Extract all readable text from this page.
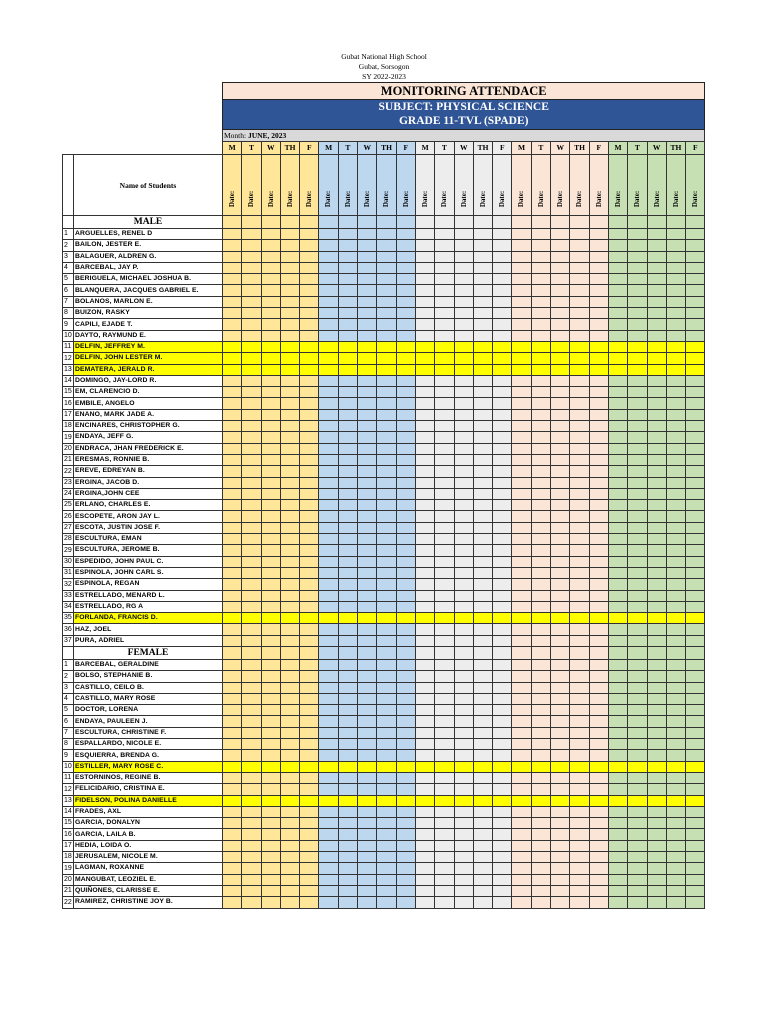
Gubat National High School
Gubat, Sorsogon
SY 2022-2023
		MONITORING ATTENDACE																								
		SUBJECT: PHYSICAL SCIENCE																								
		GRADE 11-TVL (SPADE)																								
		Month: JUNE, 2023																								
		M	T	W	TH	F	M	T	W	TH	F	M	T	W	TH	F	M	T	W	TH	F	M	T	W	TH	F
	Name of Students	Date:	Date:	Date:	Date:	Date:	Date:	Date:	Date:	Date:	Date:	Date:	Date:	Date:	Date:	Date:	Date:	Date:	Date:	Date:	Date:	Date:	Date:	Date:	Date:	Date:
	MALE																									
1	ARGUELLES, RENEL D																									
2	BAILON, JESTER E.																									
3	BALAGUER, ALDREN G.																									
4	BARCEBAL, JAY P.																									
5	BERIGUELA, MICHAEL JOSHUA B.																									
6	BLANQUERA, JACQUES GABRIEL E.																									
7	BOLANOS, MARLON E.																									
8	BUIZON, RASKY																									
9	CAPILI, EJADE T.																									
10	DAYTO, RAYMUND E.																									
11	DELFIN, JEFFREY M.																									
12	DELFIN, JOHN LESTER M.																									
13	DEMATERA, JERALD R.																									
14	DOMINGO, JAY-LORD R.																									
15	EM, CLARENCIO D.																									
16	EMBILE, ANGELO																									
17	ENANO, MARK JADE A.																									
18	ENCINARES, CHRISTOPHER G.																									
19	ENDAYA, JEFF G.																									
20	ENDRACA, JHAN FREDERICK E.																									
21	ERESMAS, RONNIE B.																									
22	EREVE, EDREYAN B.																									
23	ERGINA, JACOB D.																									
24	ERGINA,JOHN CEE																									
25	ERLANO, CHARLES E.																									
26	ESCOPETE, ARON JAY L.																									
27	ESCOTA, JUSTIN JOSE F.																									
28	ESCULTURA, EMAN																									
29	ESCULTURA, JEROME B.																									
30	ESPEDIDO, JOHN PAUL C.																									
31	ESPINOLA, JOHN CARL S.																									
32	ESPINOLA, REGAN																									
33	ESTRELLADO, MENARD L.																									
34	ESTRELLADO, RG A																									
35	FORLANDA, FRANCIS D.																									
36	HAZ, JOEL																									
37	PURA, ADRIEL																									
	FEMALE																									
1	BARCEBAL, GERALDINE																									
2	BOLSO, STEPHANIE B.																									
3	CASTILLO, CEILO B.																									
4	CASTILLO, MARY ROSE																									
5	DOCTOR, LORENA																									
6	ENDAYA, PAULEEN J.																									
7	ESCULTURA, CHRISTINE F.																									
8	ESPALLARDO, NICOLE E.																									
9	ESQUIERRA, BRENDA G.																									
10	ESTILLER, MARY ROSE C.																									
11	ESTORNINOS, REGINE B.																									
12	FELICIDARIO, CRISTINA E.																									
13	FIDELSON, POLINA DANIELLE																									
14	FRADES, AXL																									
15	GARCIA, DONALYN																									
16	GARCIA, LAILA B.																									
17	HEDIA, LOIDA O.																									
18	JERUSALEM, NICOLE M.																									
19	LAGMAN, ROXANNE																									
20	MANGUBAT, LEOZIEL E.																									
21	QUIÑONES, CLARISSE E.																									
22	RAMIREZ, CHRISTINE JOY B.																									
